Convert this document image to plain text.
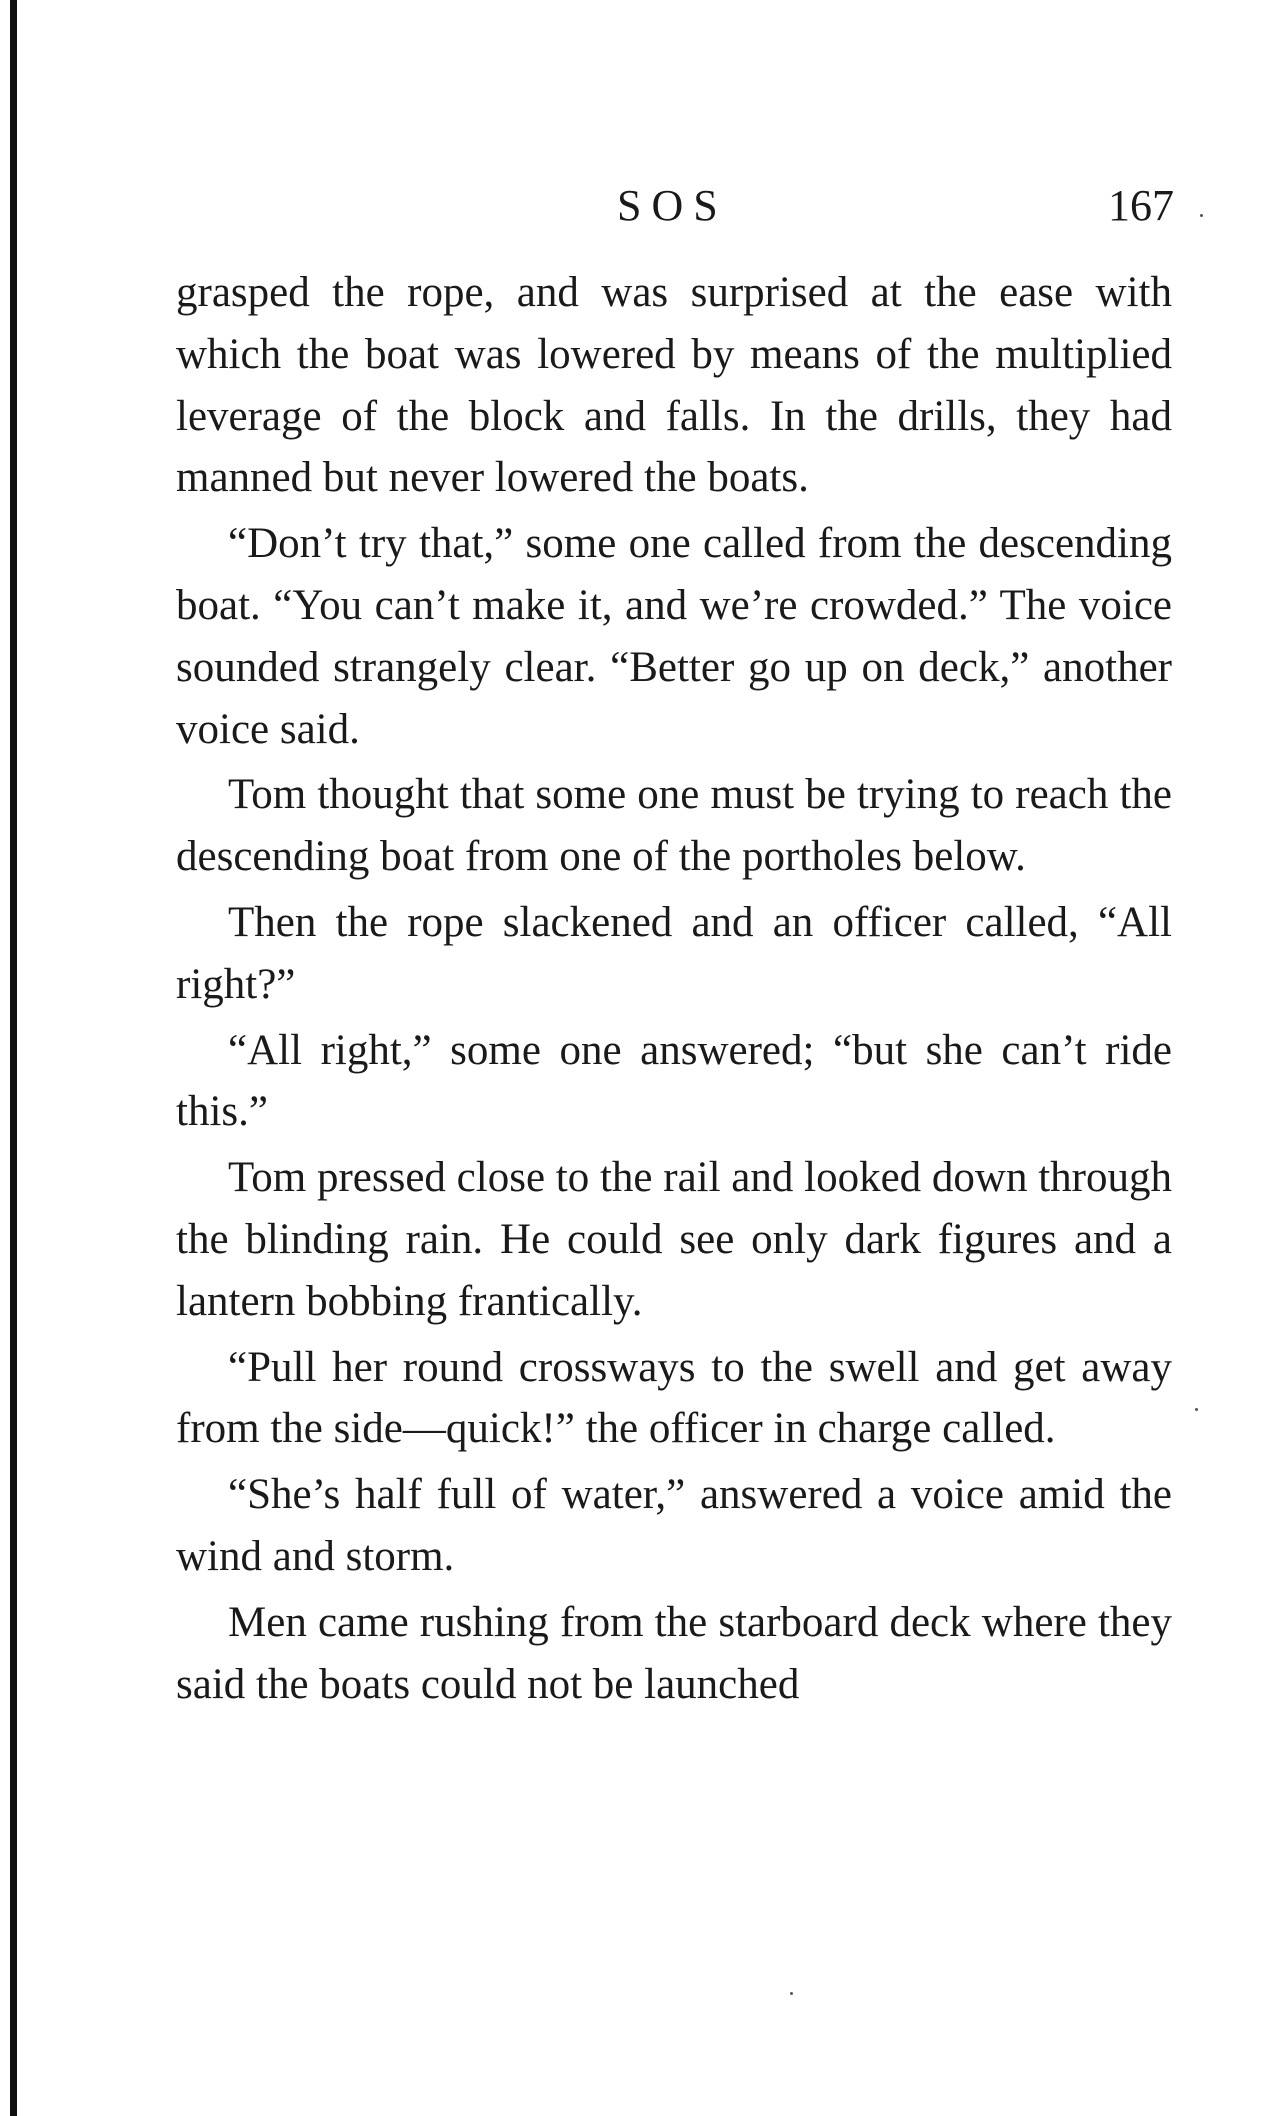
SOS	167

grasped the rope, and was surprised at the ease with which the boat was lowered by means of the multiplied leverage of the block and falls. In the drills, they had manned but never lowered the boats.

“Don’t try that,” some one called from the descending boat. “You can’t make it, and we’re crowded.” The voice sounded strangely clear. “Better go up on deck,” another voice said.

Tom thought that some one must be trying to reach the descending boat from one of the portholes below.

Then the rope slackened and an officer called, “All right?”

“All right,” some one answered; “but she can’t ride this.”

Tom pressed close to the rail and looked down through the blinding rain. He could see only dark figures and a lantern bobbing frantically.

“Pull her round crossways to the swell and get away from the side—quick!” the officer in charge called.

“She’s half full of water,” answered a voice amid the wind and storm.

Men came rushing from the starboard deck where they said the boats could not be launched
